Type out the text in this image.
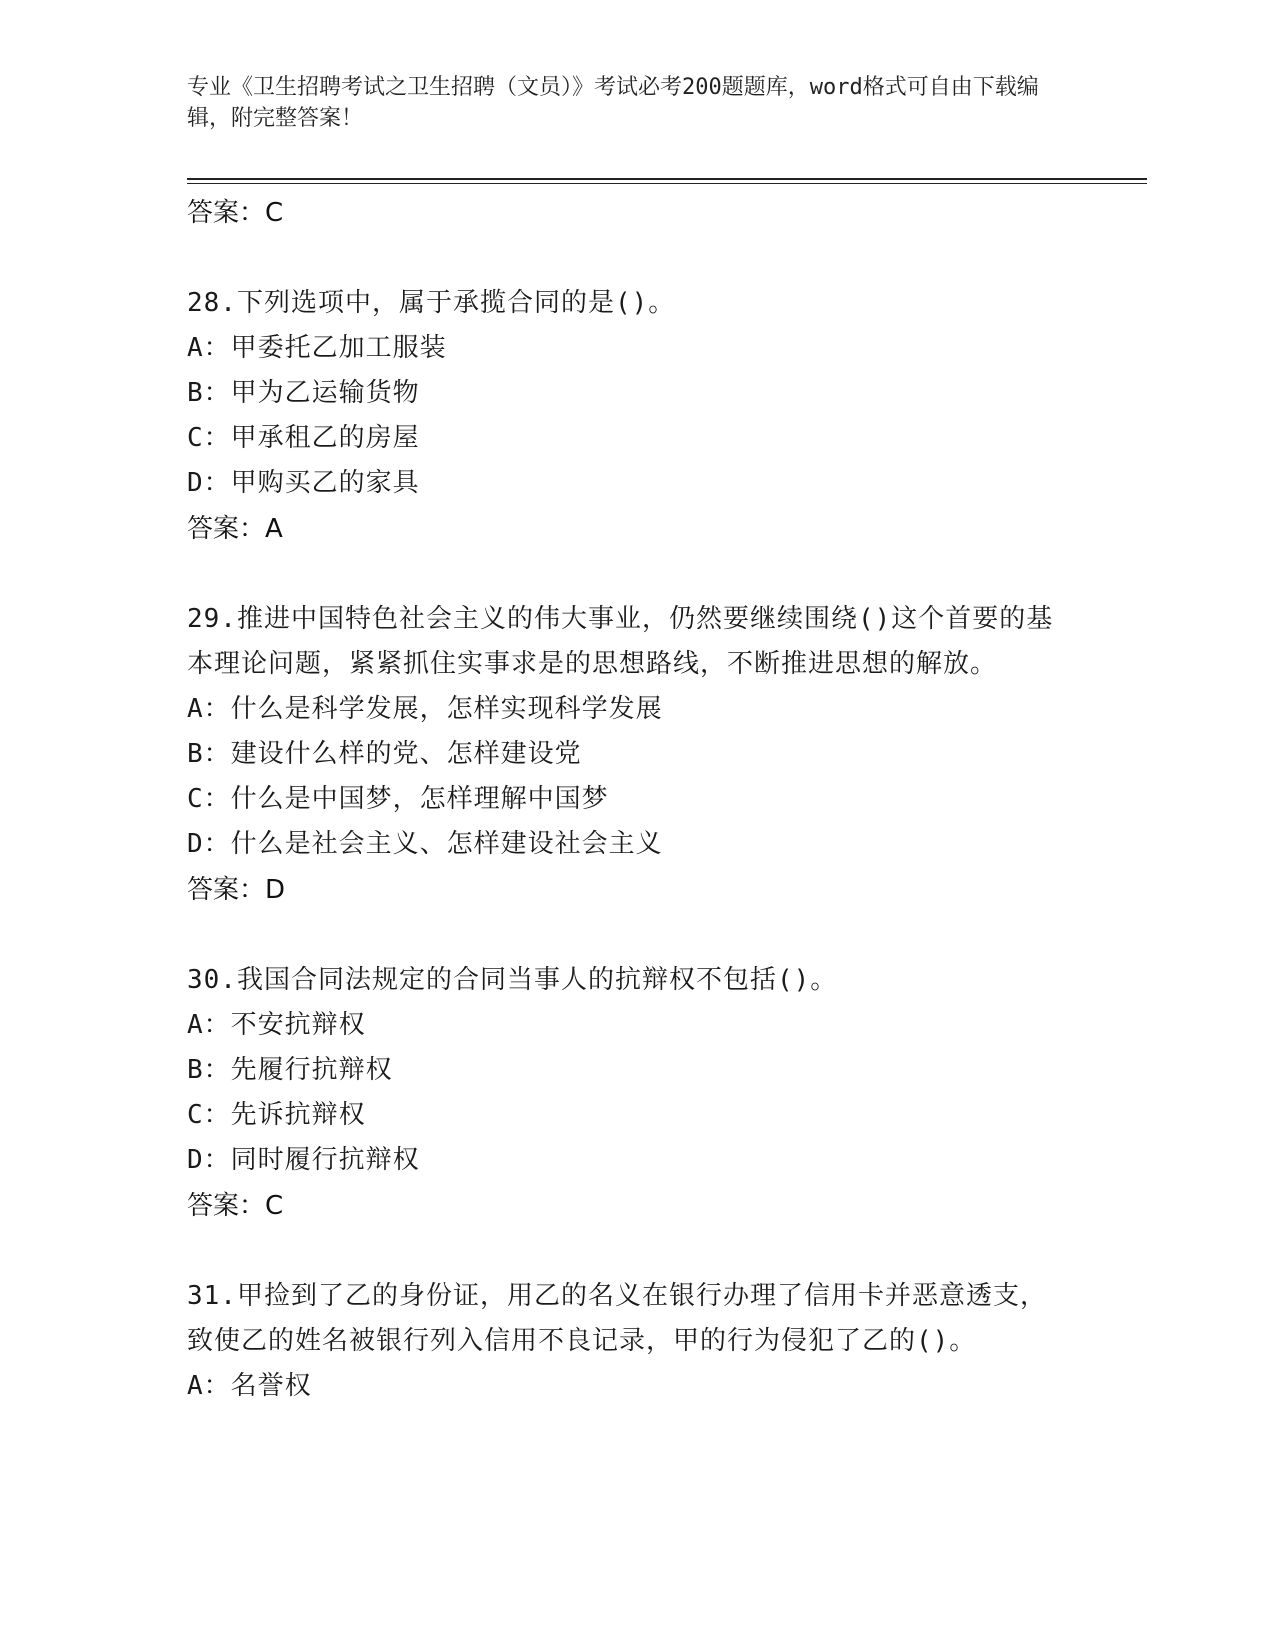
专业《卫生招聘考试之卫生招聘（文员）》考试必考200题题库，word格式可自由下载编辑，附完整答案！
答案：C
28.下列选项中，属于承揽合同的是()。
A：甲委托乙加工服装
B：甲为乙运输货物
C：甲承租乙的房屋
D：甲购买乙的家具
答案：A
29.推进中国特色社会主义的伟大事业，仍然要继续围绕()这个首要的基本理论问题，紧紧抓住实事求是的思想路线，不断推进思想的解放。
A：什么是科学发展，怎样实现科学发展
B：建设什么样的党、怎样建设党
C：什么是中国梦，怎样理解中国梦
D：什么是社会主义、怎样建设社会主义
答案：D
30.我国合同法规定的合同当事人的抗辩权不包括()。
A：不安抗辩权
B：先履行抗辩权
C：先诉抗辩权
D：同时履行抗辩权
答案：C
31.甲捡到了乙的身份证，用乙的名义在银行办理了信用卡并恶意透支，致使乙的姓名被银行列入信用不良记录，甲的行为侵犯了乙的()。
A：名誉权
